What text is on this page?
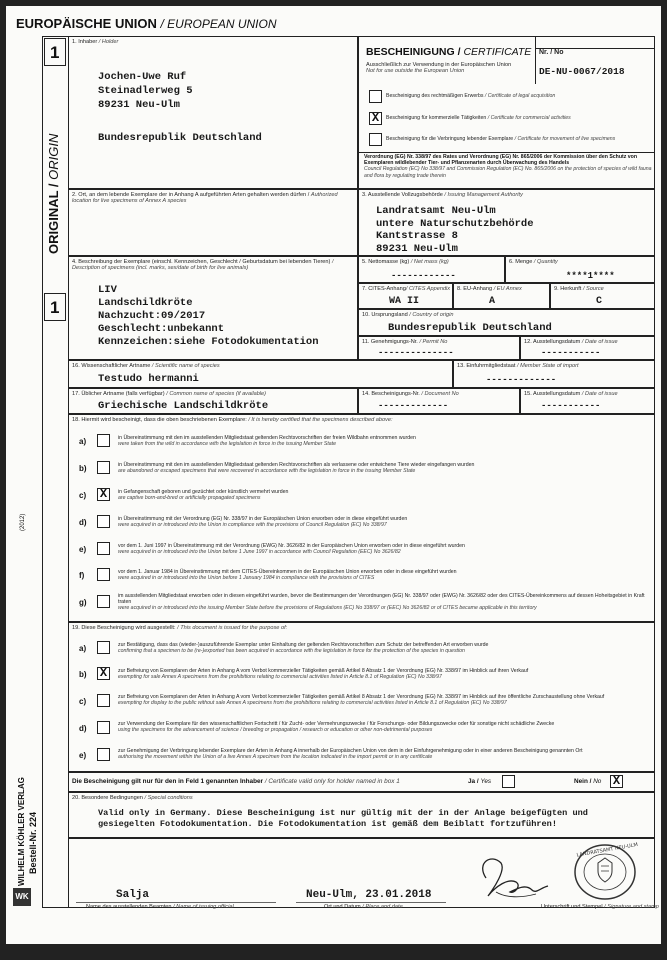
EUROPÄISCHE UNION / EUROPEAN UNION
1
ORIGINAL / ORIGIN
1
WILHELM KÖHLER VERLAG Bestell-Nr. 224
(2012)
WK
1. Inhaber / Holder
Jochen-Uwe Ruf
Steinadlerweg 5
89231 Neu-Ulm
Bundesrepublik Deutschland
BESCHEINIGUNG / CERTIFICATE
Ausschließlich zur Verwendung in der Europäischen Union
Not for use outside the European Union
Nr. / No
DE-NU-0067/2018
Bescheinigung des rechtmäßigen Erwerbs / Certificate of legal acquisition
X	Bescheinigung für kommerzielle Tätigkeiten / Certificate for commercial activities
Bescheinigung für die Verbringung lebender Exemplare / Certificate for movement of live specimens
Verordnung (EG) Nr. 338/97 des Rates und Verordnung (EG) Nr. 865/2006 der Kommission über den Schutz von Exemplaren wildlebender Tier- und Pflanzenarten durch Überwachung des Handels
Council Regulation (EC) No 338/97 and Commission Regulation (EC) No. 865/2006 on the protection of species of wild fauna and flora by regulating trade therein
2. Ort, an dem lebende Exemplare der in Anhang A aufgeführten Arten gehalten werden dürfen / Authorized location for live specimens of Annex A species
3. Ausstellende Vollzugsbehörde / Issuing Management Authority
Landratsamt Neu-Ulm
untere Naturschutzbehörde
Kantstrasse 8
89231 Neu-Ulm
4. Beschreibung der Exemplare (einschl. Kennzeichen, Geschlecht / Geburtsdatum bei lebenden Tieren) / Description of specimens (incl. marks, sex/date of birth for live animals)
LIV
Landschildkröte
Nachzucht:09/2017
Geschlecht:unbekannt
Kennzeichen:siehe Fotodokumentation
5. Nettomasse (kg) / Net mass (kg)
------------
6. Menge / Quantity
****1****
7. CITES-Anhang/ CITES Appendix
WA II
8. EU-Anhang / EU Annex
A
9. Herkunft / Source
C
10. Ursprungsland / Country of origin
Bundesrepublik Deutschland
11. Genehmigungs-Nr. / Permit No
--------------
12. Ausstellungsdatum / Date of issue
-----------
16. Wissenschaftlicher Artname / Scientific name of species
Testudo hermanni
13. Einfuhrmitgliedstaat / Member State of import
-------------
17. Üblicher Artname (falls verfügbar) / Common name of species (if available)
Griechische Landschildkröte
14. Bescheinigungs-Nr. / Document No
-------------
15. Ausstellungsdatum / Date of issue
-----------
18. Hiermit wird bescheinigt, dass die oben beschriebenen Exemplare: / It is hereby certified that the specimens described above:
a)	in Übereinstimmung mit den im ausstellenden Mitgliedstaat geltenden Rechtsvorschriften der freien Wildbahn entnommen wurden
were taken from the wild in accordance with the legislation in force in the issuing Member State
b)	in Übereinstimmung mit den im ausstellenden Mitgliedstaat geltenden Rechtsvorschriften als verlassene oder entwichene Tiere wieder eingefangen wurden
are abandoned or escaped specimens that were recovered in accordance with the legislation in force in the issuing Member State
c) X	in Gefangenschaft geboren und gezüchtet oder künstlich vermehrt wurden
are captive born-and-bred or artificially propagated specimens
d)	in Übereinstimmung mit der Verordnung (EG) Nr. 338/97 in der Europäischen Union erworben oder in diese eingeführt wurden
were acquired in or introduced into the Union in compliance with the provisions of Council Regulation (EC) No 338/97
e)	vor dem 1. Juni 1997 in Übereinstimmung mit der Verordnung (EWG) Nr. 3626/82 in der Europäischen Union erworben oder in diese eingeführt wurden
were acquired in or introduced into the Union before 1 June 1997 in accordance with Council Regulation (EEC) No 3626/82
f)	vor dem 1. Januar 1984 in Übereinstimmung mit dem CITES-Übereinkommen in der Europäischen Union erworben oder in diese eingeführt wurden
were acquired in or introduced into the Union before 1 January 1984 in compliance with the provisions of CITES
g)
im ausstellenden Mitgliedstaat erworben oder in diesen eingeführt wurden, bevor die Bestimmungen der Verordnungen (EG) Nr. 338/97 oder (EWG) Nr. 3626/82 oder des CITES-Übereinkommens auf dessen Hoheitsgebiet in Kraft traten
were acquired in or introduced into the issuing Member State before the provisions of Regulations (EC) No 338/97 or (EEC) No 3626/82 or of CITES became applicable in this territory
19. Diese Bescheinigung wird ausgestellt: / This document is issued for the purpose of:
a)	zur Bestätigung, dass das (wieder-)auszuführende Exemplar unter Einhaltung der geltenden Rechtsvorschriften zum Schutz der betreffenden Art erworben wurde
confirming that a specimen to be (re-)exported has been acquired in accordance with the legislation in force for the protection of the species in question
b) X	zur Befreiung von Exemplaren der Arten in Anhang A vom Verbot kommerzieller Tätigkeiten gemäß Artikel 8 Absatz 1 der Verordnung (EG) Nr. 338/97 im Hinblick auf ihren Verkauf
exempting for sale Annex A specimens from the prohibitions relating to commercial activities listed in Article 8.1 of Regulation (EC) No 338/97
c)	zur Befreiung von Exemplaren der Arten in Anhang A vom Verbot kommerzieller Tätigkeiten gemäß Artikel 8 Absatz 1 der Verordnung (EG) Nr. 338/97 im Hinblick auf ihre öffentliche Zurschaustellung ohne Verkauf
exempting for display to the public without sale Annex A specimens from the prohibitions relating to commercial activities listed in Article 8.1 of Regulation (EC) No 338/97
d)	zur Verwendung der Exemplare für den wissenschaftlichen Fortschritt / für Zucht- oder Vermehrungszwecke / für Forschungs- oder Bildungszwecke oder für sonstige nicht schädliche Zwecke
using the specimens for the advancement of science / breeding or propagation / research or education or other non-detrimental purposes
e)	zur Genehmigung der Verbringung lebender Exemplare der Arten in Anhang A innerhalb der Europäischen Union von dem in der Einfuhrgenehmigung oder in einer anderen Bescheinigung genannten Ort
authorising the movement within the Union of a live Annex A specimen from the location indicated in the import permit or in any certificate
Die Bescheinigung gilt nur für den in Feld 1 genannten Inhaber / Certificate valid only for holder named in box 1	Ja / Yes	Nein / No X
20. Besondere Bedingungen / Special conditions
Valid only in Germany. Diese Bescheinigung ist nur gültig mit der in der Anlage beigefügten und gesiegelten Fotodokumentation. Die Fotodokumentation ist gemäß dem Beiblatt fortzuführen!
Salja
Name des ausstellenden Beamten / Name of issuing official
Neu-Ulm, 23.01.2018
Ort und Datum / Place and date
LANDRATSAMT NEU-ULM
Unterschrift und Stempel / Signature and stamp
